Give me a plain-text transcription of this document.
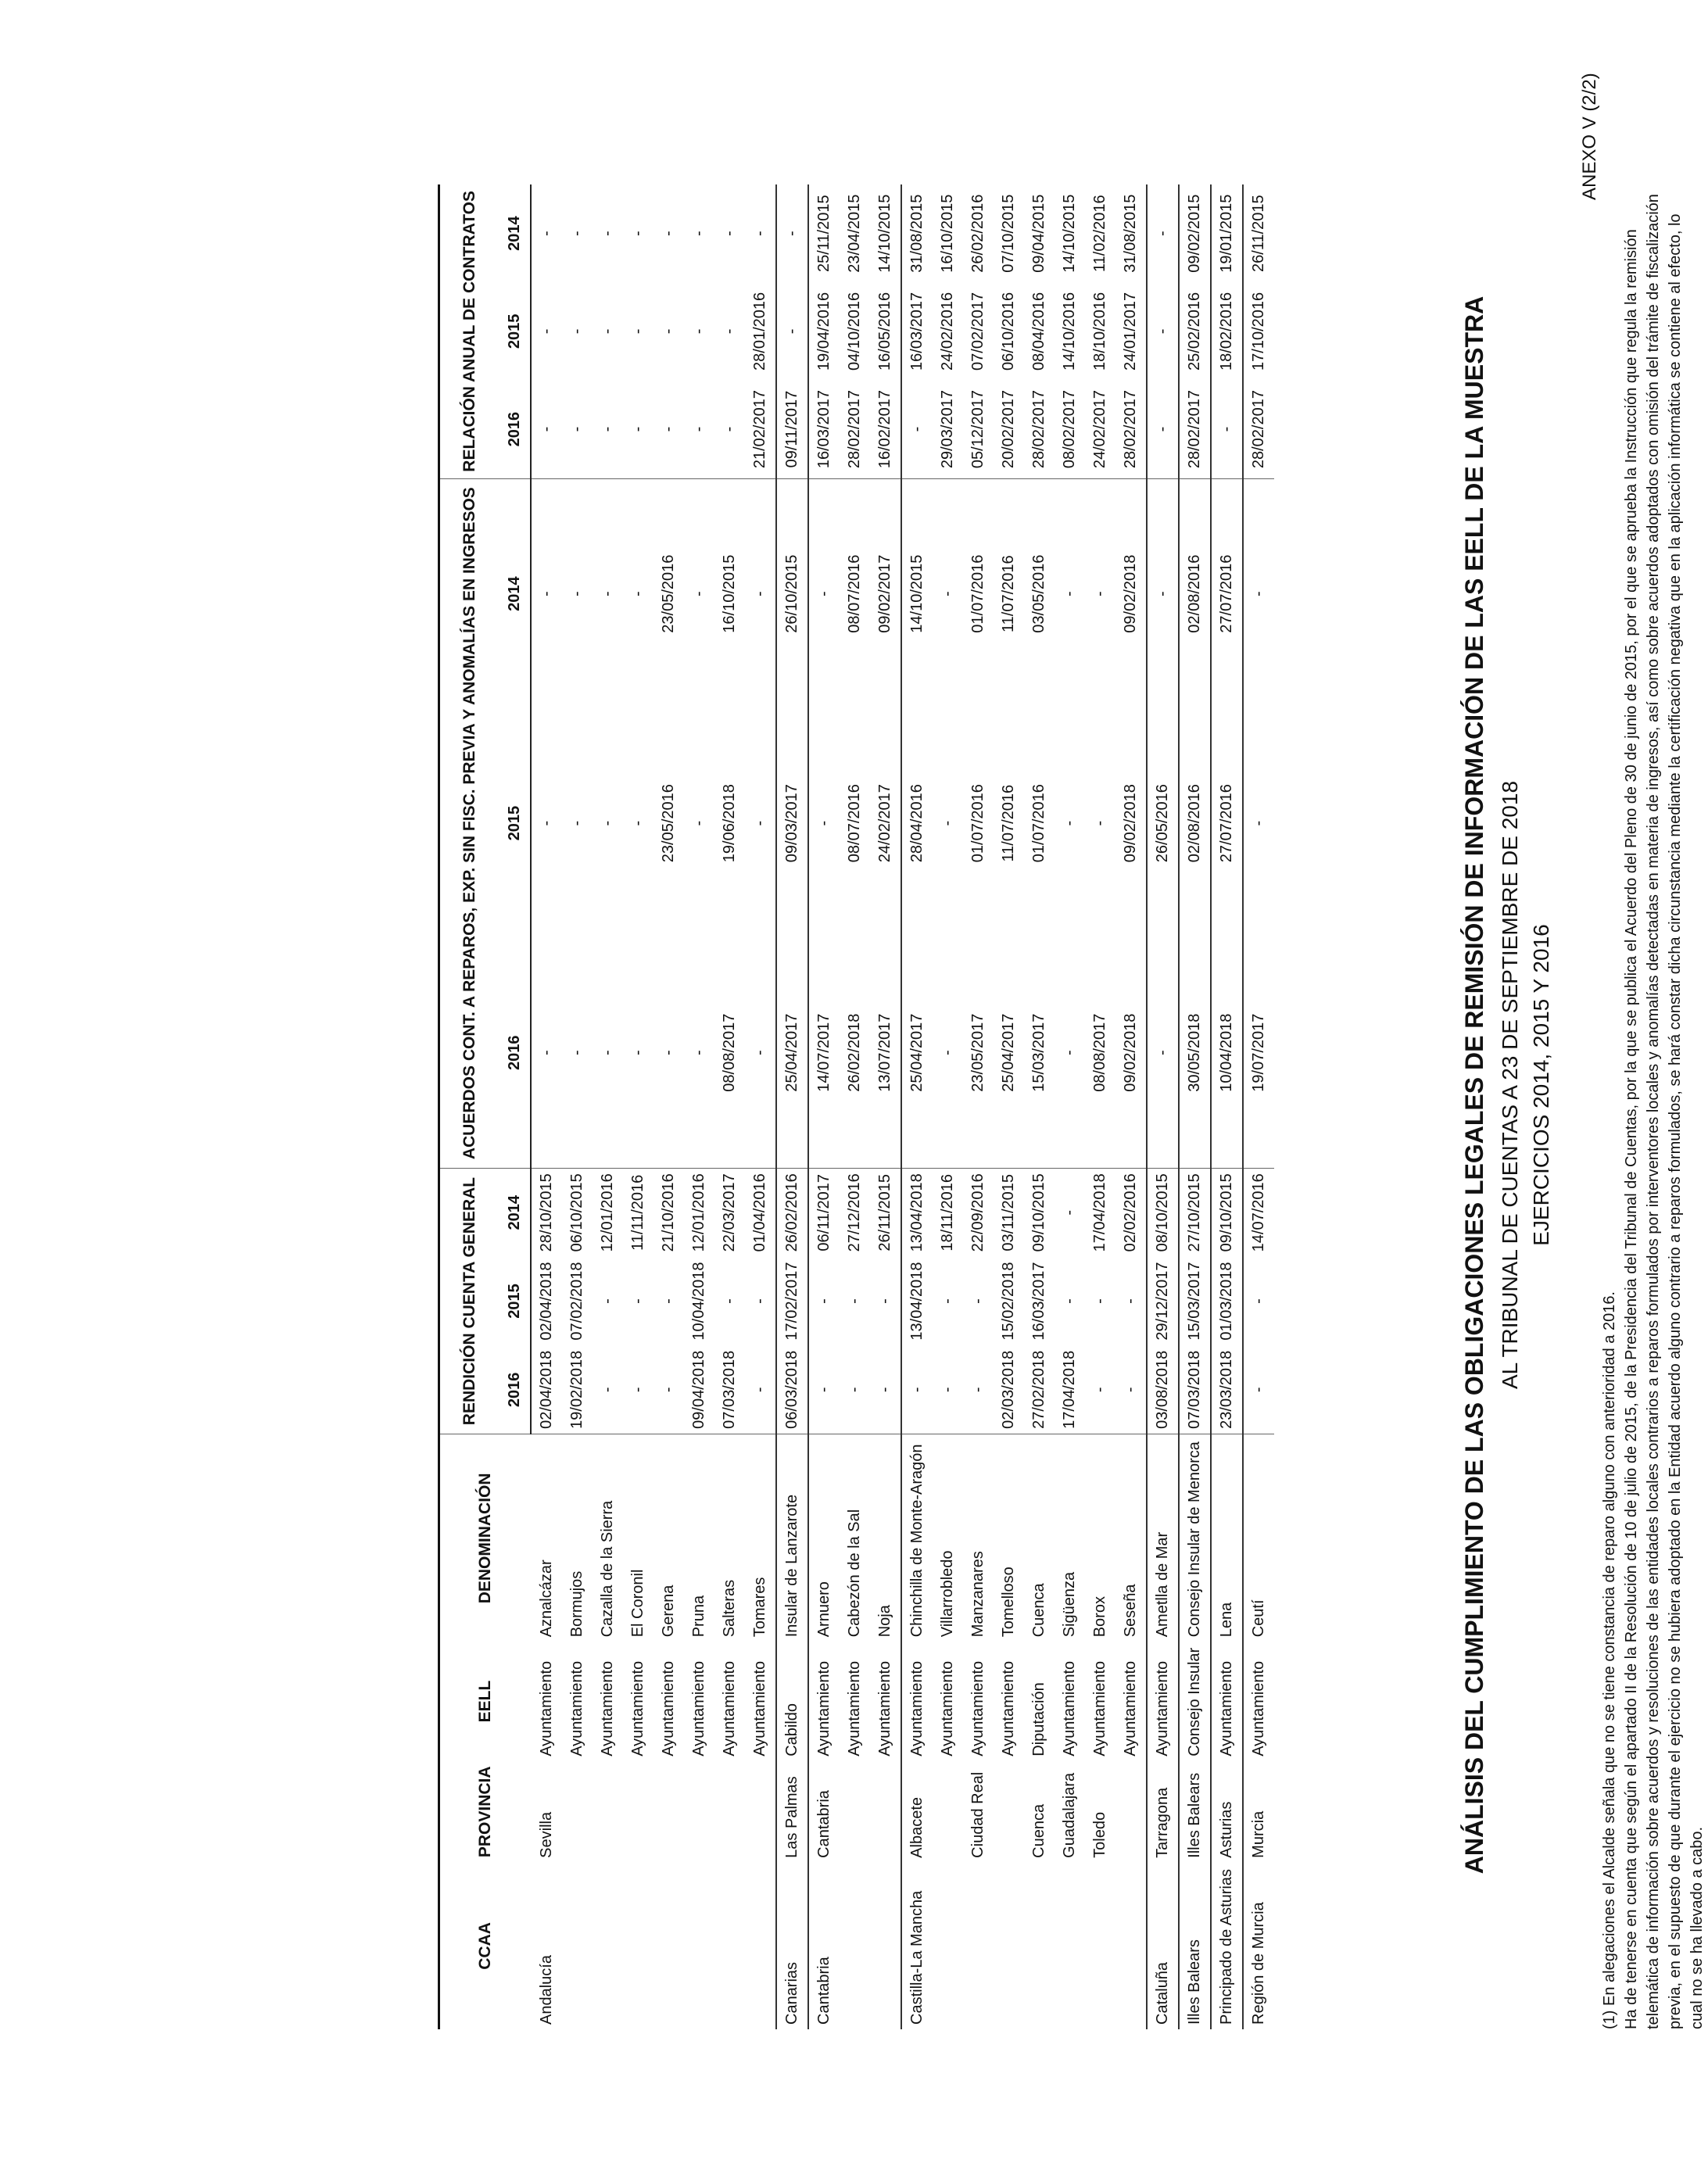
ANEXO V (2/2)
ANÁLISIS DEL CUMPLIMIENTO DE LAS OBLIGACIONES LEGALES DE REMISIÓN DE INFORMACIÓN DE LAS EELL DE LA MUESTRA AL TRIBUNAL DE CUENTAS A 23 DE SEPTIEMBRE DE 2018 EJERCICIOS 2014, 2015 Y 2016
CCAA	PROVINCIA	EELL	DENOMINACIÓN	RENDICIÓN CUENTA GENERAL			ACUERDOS CONT. A REPAROS, EXP. SIN FISC. PREVIA Y ANOMALÍAS EN INGRESOS			RELACIÓN ANUAL DE CONTRATOS		
				2016	2015	2014	2016	2015	2014	2016	2015	2014
Andalucía	Sevilla	Ayuntamiento	Aznalcázar	02/04/2018	02/04/2018	28/10/2015	-	-	-	-	-	-
		Ayuntamiento	Bormujos	19/02/2018	07/02/2018	06/10/2015	-	-	-	-	-	-
		Ayuntamiento	Cazalla de la Sierra	-	-	12/01/2016	-	-	-	-	-	-
		Ayuntamiento	El Coronil	-	-	11/11/2016	-	-	-	-	-	-
		Ayuntamiento	Gerena	-	-	21/10/2016	-	23/05/2016	23/05/2016	-	-	-
		Ayuntamiento	Pruna	09/04/2018	10/04/2018	12/01/2016	-	-	-	-	-	-
		Ayuntamiento	Salteras	07/03/2018	-	22/03/2017	08/08/2017	19/06/2018	16/10/2015	-	-	-
		Ayuntamiento	Tomares	-	-	01/04/2016	-	-	-	21/02/2017	28/01/2016	-
Canarias	Las Palmas	Cabildo	Insular de Lanzarote	06/03/2018	17/02/2017	26/02/2016	25/04/2017	09/03/2017	26/10/2015	09/11/2017	-	-
Cantabria	Cantabria	Ayuntamiento	Arnuero	-	-	06/11/2017	14/07/2017	-	-	16/03/2017	19/04/2016	25/11/2015
		Ayuntamiento	Cabezón de la Sal	-	-	27/12/2016	26/02/2018	08/07/2016	08/07/2016	28/02/2017	04/10/2016	23/04/2015
		Ayuntamiento	Noja	-	-	26/11/2015	13/07/2017	24/02/2017	09/02/2017	16/02/2017	16/05/2016	14/10/2015
Castilla-La Mancha	Albacete	Ayuntamiento	Chinchilla de Monte-Aragón	-	13/04/2018	13/04/2018	25/04/2017	28/04/2016	14/10/2015	-	16/03/2017	31/08/2015
		Ayuntamiento	Villarrobledo	-	-	18/11/2016	-	-	-	29/03/2017	24/02/2016	16/10/2015
	Ciudad Real	Ayuntamiento	Manzanares	-	-	22/09/2016	23/05/2017	01/07/2016	01/07/2016	05/12/2017	07/02/2017	26/02/2016
		Ayuntamiento	Tomelloso	02/03/2018	15/02/2018	03/11/2015	25/04/2017	11/07/2016	11/07/2016	20/02/2017	06/10/2016	07/10/2015
	Cuenca	Diputación	Cuenca	27/02/2018	16/03/2017	09/10/2015	15/03/2017	01/07/2016	03/05/2016	28/02/2017	08/04/2016	09/04/2015
	Guadalajara	Ayuntamiento	Sigüenza	17/04/2018	-	-	-	-	-	08/02/2017	14/10/2016	14/10/2015
	Toledo	Ayuntamiento	Borox	-	-	17/04/2018	08/08/2017	-	-	24/02/2017	18/10/2016	11/02/2016
		Ayuntamiento	Seseña	-	-	02/02/2016	09/02/2018	09/02/2018	09/02/2018	28/02/2017	24/01/2017	31/08/2015
Cataluña	Tarragona	Ayuntamiento	Ametlla de Mar	03/08/2018	29/12/2017	08/10/2015	-	26/05/2016	-	-	-	-
Illes Balears	Illes Balears	Consejo Insular	Consejo Insular de Menorca	07/03/2018	15/03/2017	27/10/2015	30/05/2018	02/08/2016	02/08/2016	28/02/2017	25/02/2016	09/02/2015
Principado de Asturias	Asturias	Ayuntamiento	Lena	23/03/2018	01/03/2018	09/10/2015	10/04/2018	27/07/2016	27/07/2016	-	18/02/2016	19/01/2015
Región de Murcia	Murcia	Ayuntamiento	Ceutí	-	-	14/07/2016	19/07/2017	-	-	28/02/2017	17/10/2016	26/11/2015
(1) En alegaciones el Alcalde señala que no se tiene constancia de reparo alguno con anterioridad a 2016. Ha de tenerse en cuenta que según el apartado II de la Resolución de 10 de julio de 2015, de la Presidencia del Tribunal de Cuentas, por la que se publica el Acuerdo del Pleno de 30 de junio de 2015, por el que se aprueba la Instrucción que regula la remisión telemática de información sobre acuerdos y resoluciones de las entidades locales contrarios a reparos formulados por interventores locales y anomalías detectadas en materia de ingresos, así como sobre acuerdos adoptados con omisión del trámite de fiscalización previa, en el supuesto de que durante el ejercicio no se hubiera adoptado en la Entidad acuerdo alguno contrario a reparos formulados, se hará constar dicha circunstancia mediante la certificación negativa que en la aplicación informática se contiene al efecto, lo cual no se ha llevado a cabo.
